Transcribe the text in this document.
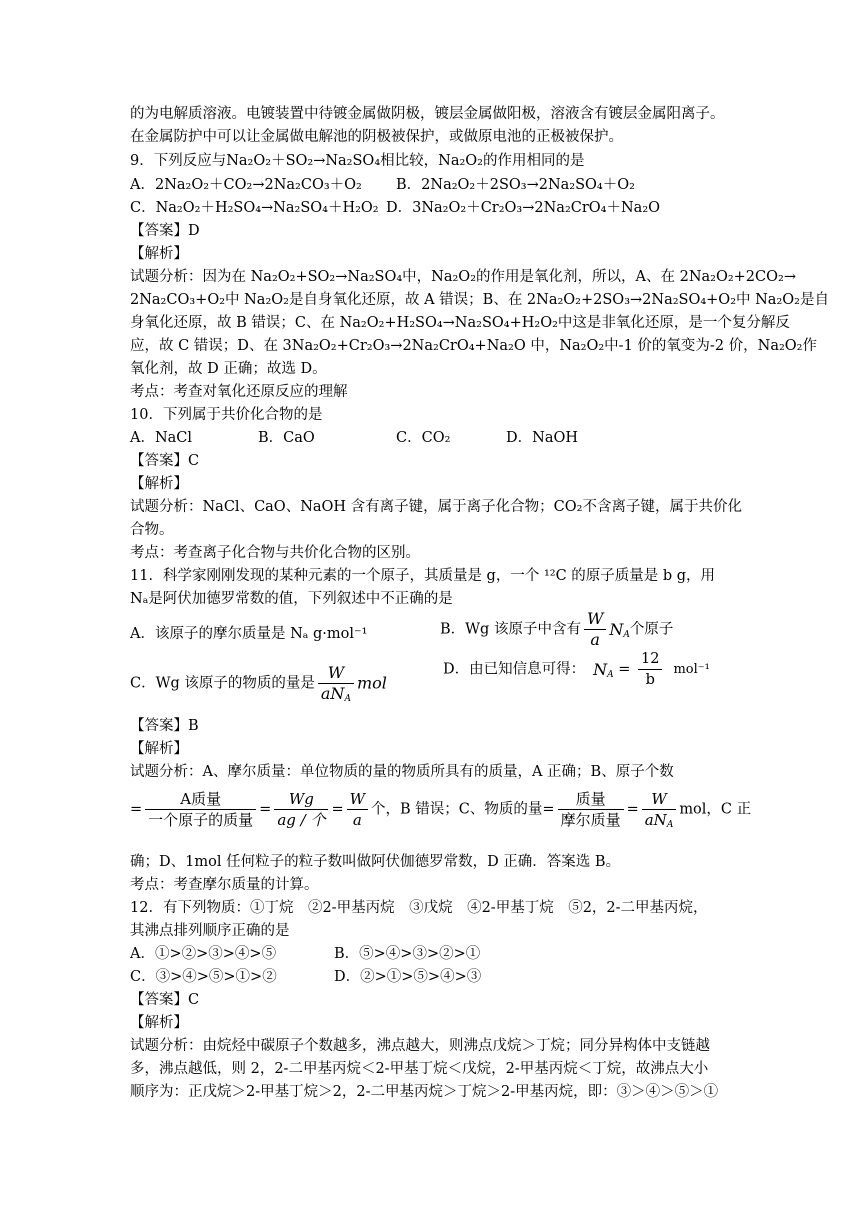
的为电解质溶液。电镀装置中待镀金属做阴极，镀层金属做阳极，溶液含有镀层金属阳离子。
在金属防护中可以让金属做电解池的阴极被保护，或做原电池的正极被保护。
9．下列反应与Na₂O₂＋SO₂→Na₂SO₄相比较，Na₂O₂的作用相同的是
A．2Na₂O₂＋CO₂→2Na₂CO₃＋O₂ B．2Na₂O₂＋2SO₃→2Na₂SO₄＋O₂
C．Na₂O₂＋H₂SO₄→Na₂SO₄＋H₂O₂ D．3Na₂O₂＋Cr₂O₃→2Na₂CrO₄＋Na₂O
【答案】D
【解析】
试题分析：因为在 Na₂O₂+SO₂→Na₂SO₄中，Na₂O₂的作用是氧化剂，所以，A、在 2Na₂O₂+2CO₂→
2Na₂CO₃+O₂中 Na₂O₂是自身氧化还原，故 A 错误；B、在 2Na₂O₂+2SO₃→2Na₂SO₄+O₂中 Na₂O₂是自
身氧化还原，故 B 错误；C、在 Na₂O₂+H₂SO₄→Na₂SO₄+H₂O₂中这是非氧化还原，是一个复分解反
应，故 C 错误；D、在 3Na₂O₂+Cr₂O₃→2Na₂CrO₄+Na₂O 中，Na₂O₂中-1 价的氧变为-2 价，Na₂O₂作
氧化剂，故 D 正确；故选 D。
考点：考查对氧化还原反应的理解
10．下列属于共价化合物的是
A．NaCl	B．CaO	C．CO₂	D．NaOH
【答案】C
【解析】
试题分析：NaCl、CaO、NaOH 含有离子键，属于离子化合物；CO₂不含离子键，属于共价化
合物。
考点：考查离子化合物与共价化合物的区别。
11．科学家刚刚发现的某种元素的一个原子，其质量是 g，一个 ¹²C 的原子质量是 b g，用
Nₐ是阿伏加德罗常数的值，下列叙述中不正确的是
A．该原子的摩尔质量是 Nₐ g·mol⁻¹	B．Wg 该原子中含有 $\frac{W}{a} N_A$个原子
C．Wg 该原子的物质的量是 $\frac{W}{aN_A}$ mol
D．由已知信息可得： $N_A = \frac{12}{b} mol^{-1}$
【答案】B
【解析】
试题分析：A、摩尔质量：单位物质的量的物质所具有的质量，A 正确；B、原子个数
= $\frac{\text{A质量}}{\text{一个原子的质量}} = \frac{Wg}{\text{ag / 个}} = \frac{W}{a}$ 个，B 错误；C、物质的量= $\frac{\text{质量}}{\text{摩尔质量}} = \frac{W}{aN_A}$ mol，C 正
确；D、1mol 任何粒子的粒子数叫做阿伏伽德罗常数，D 正确．答案选 B。
考点：考查摩尔质量的计算。
12．有下列物质：①丁烷　②2-甲基丙烷　③戊烷　④2-甲基丁烷　⑤2，2-二甲基丙烷，
其沸点排列顺序正确的是
A．①>②>③>④>⑤	B．⑤>④>③>②>①
C．③>④>⑤>①>②	D．②>①>⑤>④>③
【答案】C
【解析】
试题分析：由烷烃中碳原子个数越多，沸点越大，则沸点戊烷＞丁烷；同分异构体中支链越
多，沸点越低，则 2，2-二甲基丙烷＜2-甲基丁烷＜戊烷，2-甲基丙烷＜丁烷，故沸点大小
顺序为：正戊烷＞2-甲基丁烷＞2，2-二甲基丙烷＞丁烷＞2-甲基丙烷，即：③＞④＞⑤＞①
